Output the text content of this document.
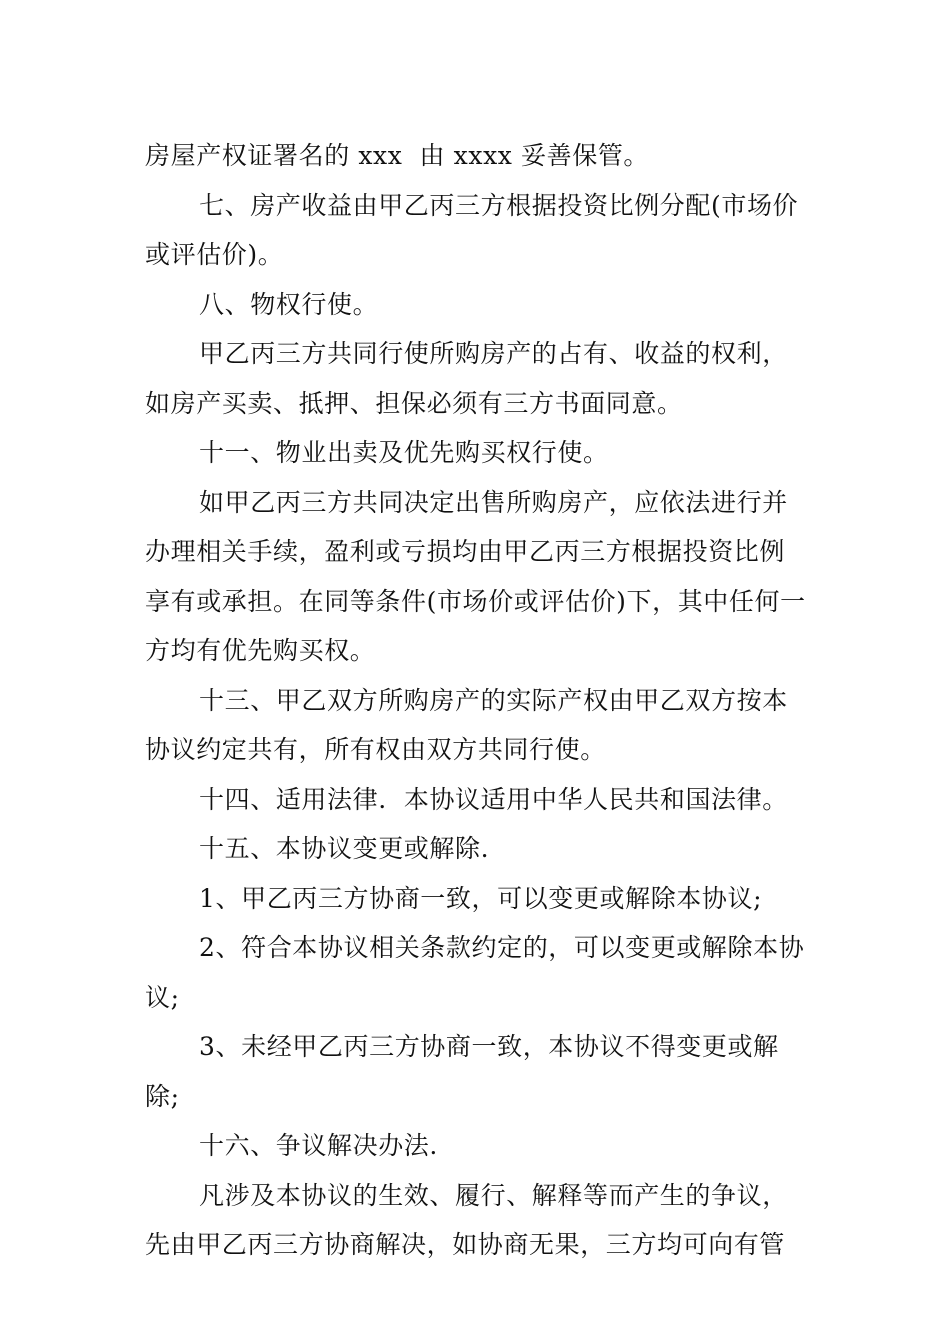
房屋产权证署名的 xxx  由 xxxx 妥善保管。

七、房产收益由甲乙丙三方根据投资比例分配(市场价或评估价)。

八、物权行使。

甲乙丙三方共同行使所购房产的占有、收益的权利，如房产买卖、抵押、担保必须有三方书面同意。

十一、物业出卖及优先购买权行使。

如甲乙丙三方共同决定出售所购房产，应依法进行并办理相关手续，盈利或亏损均由甲乙丙三方根据投资比例享有或承担。在同等条件(市场价或评估价)下，其中任何一方均有优先购买权。

十三、甲乙双方所购房产的实际产权由甲乙双方按本协议约定共有，所有权由双方共同行使。

十四、适用法律.  本协议适用中华人民共和国法律。

十五、本协议变更或解除.

1、甲乙丙三方协商一致，可以变更或解除本协议;

2、符合本协议相关条款约定的，可以变更或解除本协议;

3、未经甲乙丙三方协商一致，本协议不得变更或解除;

十六、争议解决办法.

凡涉及本协议的生效、履行、解释等而产生的争议，先由甲乙丙三方协商解决，如协商无果，三方均可向有管
